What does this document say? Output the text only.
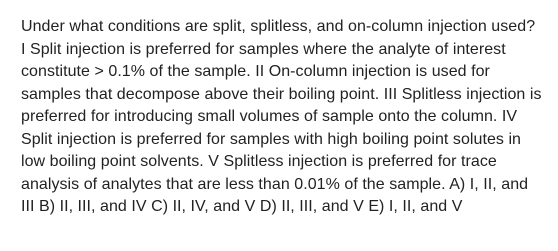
Under what conditions are split, splitless, and on-column injection used? I Split injection is preferred for samples where the analyte of interest constitute > 0.1% of the sample. II On-column injection is used for samples that decompose above their boiling point. III Splitless injection is preferred for introducing small volumes of sample onto the column. IV Split injection is preferred for samples with high boiling point solutes in low boiling point solvents. V Splitless injection is preferred for trace analysis of analytes that are less than 0.01% of the sample. A) I, II, and III B) II, III, and IV C) II, IV, and V D) II, III, and V E) I, II, and V
